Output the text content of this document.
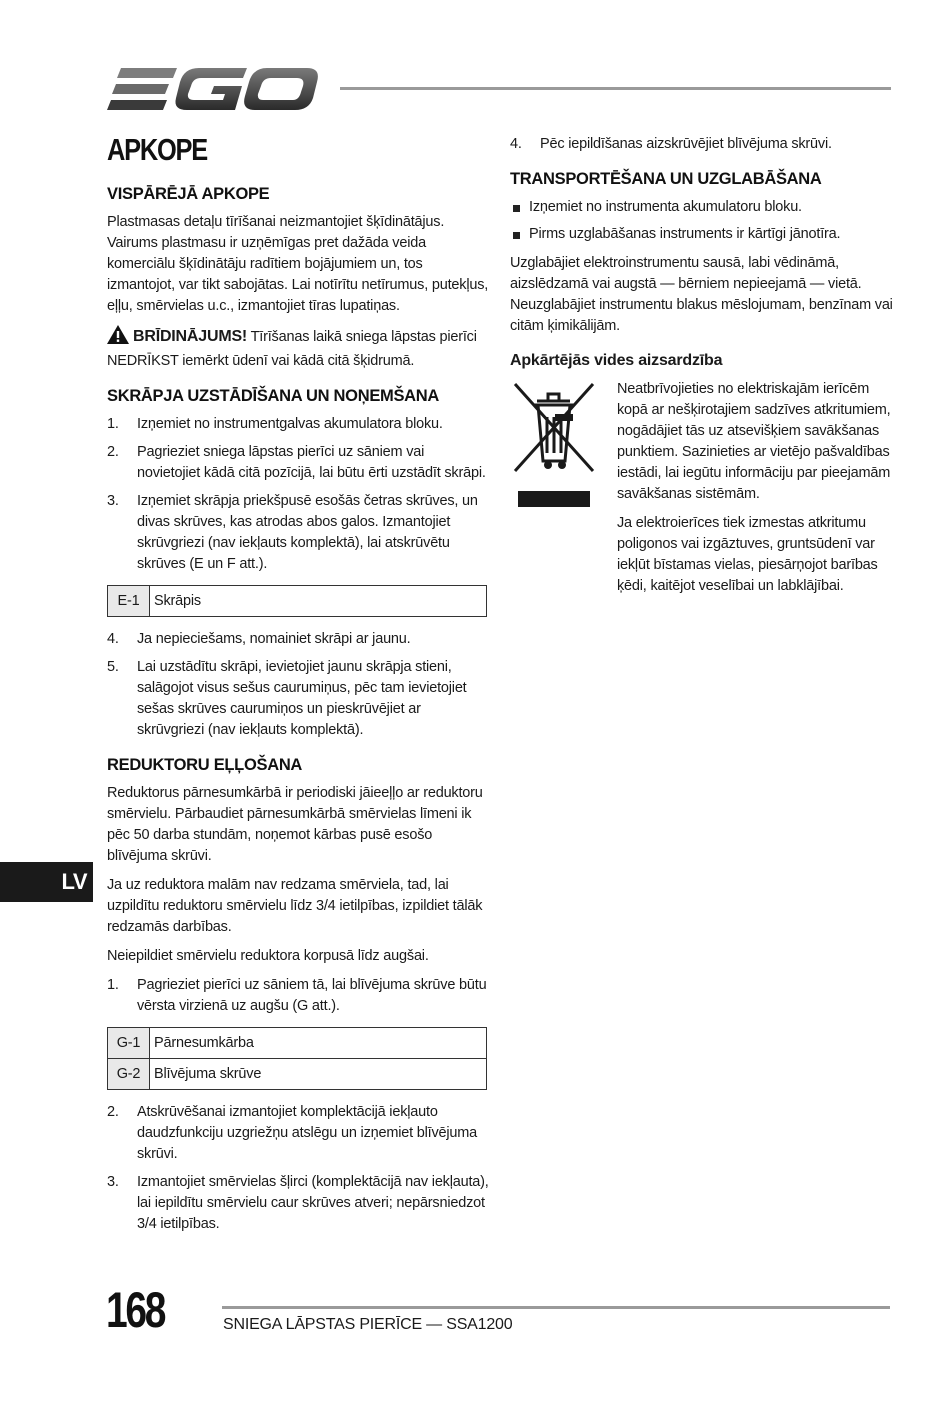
APKOPE
VISPĀRĒJĀ APKOPE

Plastmasas detaļu tīrīšanai neizmantojiet šķīdinātājus. Vairums plastmasu ir uzņēmīgas pret dažāda veida komerciālu šķīdinātāju radītiem bojājumiem un, tos izmantojot, var tikt sabojātas. Lai notīrītu netīrumus, putekļus, eļļu, smērvielas u.c., izmantojiet tīras lupatiņas.

BRĪDINĀJUMS! Tīrīšanas laikā sniega lāpstas pierīci NEDRĪKST iemērkt ūdenī vai kādā citā šķidrumā.

SKRĀPJA UZSTĀDĪŠANA UN NOŅEMŠANA
1. Izņemiet no instrumentgalvas akumulatora bloku.
2. Pagrieziet sniega lāpstas pierīci uz sāniem vai novietojiet kādā citā pozīcijā, lai būtu ērti uzstādīt skrāpi.
3. Izņemiet skrāpja priekšpusē esošās četras skrūves, un divas skrūves, kas atrodas abos galos. Izmantojiet skrūvgriezi (nav iekļauts komplektā), lai atskrūvētu skrūves (E un F att.).
E-1	Skrāpis
4. Ja nepieciešams, nomainiet skrāpi ar jaunu.
5. Lai uzstādītu skrāpi, ievietojiet jaunu skrāpja stieni, salāgojot visus sešus caurumiņus, pēc tam ievietojiet sešas skrūves caurumiņos un pieskrūvējiet ar skrūvgriezi (nav iekļauts komplektā).
REDUKTORU EĻĻOŠANA

Reduktorus pārnesumkārbā ir periodiski jāieeļļo ar reduktoru smērvielu. Pārbaudiet pārnesumkārbā smērvielas līmeni ik pēc 50 darba stundām, noņemot kārbas pusē esošo blīvējuma skrūvi.

Ja uz reduktora malām nav redzama smērviela, tad, lai uzpildītu reduktoru smērvielu līdz 3/4 ietilpības, izpildiet tālāk redzamās darbības.

Neiepildiet smērvielu reduktora korpusā līdz augšai.

1. Pagrieziet pierīci uz sāniem tā, lai blīvējuma skrūve būtu vērsta virzienā uz augšu (G att.).
G-1	Pārnesumkārba
G-2	Blīvējuma skrūve
2. Atskrūvēšanai izmantojiet komplektācijā iekļauto daudzfunkciju uzgriežņu atslēgu un izņemiet blīvējuma skrūvi.
3. Izmantojiet smērvielas šļirci (komplektācijā nav iekļauta), lai iepildītu smērvielu caur skrūves atveri; nepārsniedzot 3/4 ietilpības.
4. Pēc iepildīšanas aizskrūvējiet blīvējuma skrūvi.
TRANSPORTĒŠANA UN UZGLABĀŠANA
Izņemiet no instrumenta akumulatoru bloku.
Pirms uzglabāšanas instruments ir kārtīgi jānotīra.

Uzglabājiet elektroinstrumentu sausā, labi vēdināmā, aizslēdzamā vai augstā — bērniem nepieejamā — vietā. Neuzglabājiet instrumentu blakus mēslojumam, benzīnam vai citām ķimikālijām.

Apkārtējās vides aizsardzība

Neatbrīvojieties no elektriskajām ierīcēm kopā ar nešķirotajiem sadzīves atkritumiem, nogādājiet tās uz atsevišķiem savākšanas punktiem. Sazinieties ar vietējo pašvaldības iestādi, lai iegūtu informāciju par pieejamām savākšanas sistēmām.

Ja elektroierīces tiek izmestas atkritumu poligonos vai izgāztuves, gruntsūdenī var iekļūt bīstamas vielas, piesārņojot barības ķēdi, kaitējot veselībai un labklājībai.

LV
168	SNIEGA LĀPSTAS PIERĪCE — SSA1200
